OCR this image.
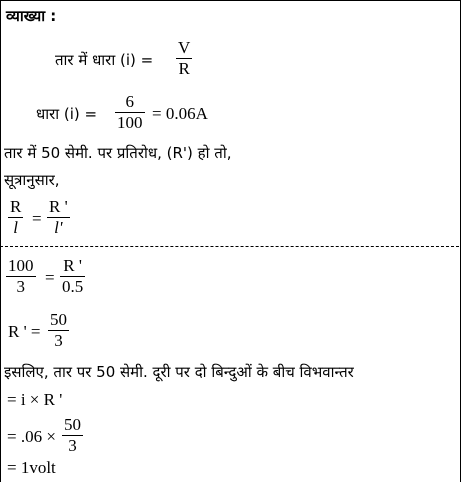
व्याख्या :
तार में धारा $(i) = \frac{V}{R}$
धारा $(i) = \frac{6}{100} = 0.06A$
तार में 50 सेमी. पर प्रतिरोध, (R') हो तो,
सूत्रानुसार,
$\frac{R}{l} = \frac{R '}{l'}$
$\frac{100}{3} = \frac{R '}{0.5}$
R ' = $\frac{50}{3}$
इसलिए, तार पर 50 सेमी. दूरी पर दो बिन्दुओं के बीच विभवान्तर
= i × R '
= $.06 \times \frac{50}{3}$
= 1volt
